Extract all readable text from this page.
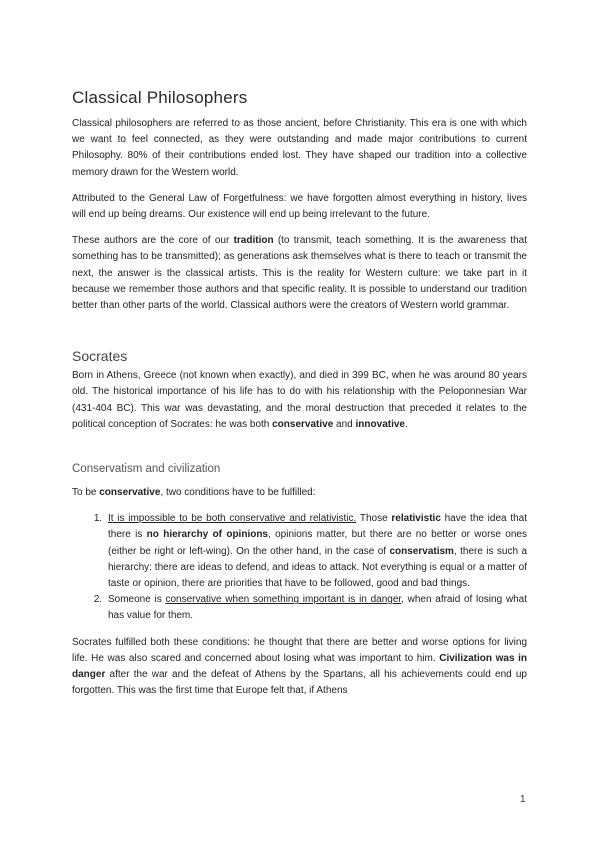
Classical Philosophers

Classical philosophers are referred to as those ancient, before Christianity. This era is one with which we want to feel connected, as they were outstanding and made major contributions to current Philosophy. 80% of their contributions ended lost. They have shaped our tradition into a collective memory drawn for the Western world.

Attributed to the General Law of Forgetfulness: we have forgotten almost everything in history, lives will end up being dreams. Our existence will end up being irrelevant to the future.

These authors are the core of our tradition (to transmit, teach something. It is the awareness that something has to be transmitted); as generations ask themselves what is there to teach or transmit the next, the answer is the classical artists. This is the reality for Western culture: we take part in it because we remember those authors and that specific reality. It is possible to understand our tradition better than other parts of the world. Classical authors were the creators of Western world grammar.

Socrates

Born in Athens, Greece (not known when exactly), and died in 399 BC, when he was around 80 years old. The historical importance of his life has to do with his relationship with the Peloponnesian War (431-404 BC). This war was devastating, and the moral destruction that preceded it relates to the political conception of Socrates: he was both conservative and innovative.

Conservatism and civilization

To be conservative, two conditions have to be fulfilled:

1. It is impossible to be both conservative and relativistic. Those relativistic have the idea that there is no hierarchy of opinions, opinions matter, but there are no better or worse ones (either be right or left-wing). On the other hand, in the case of conservatism, there is such a hierarchy: there are ideas to defend, and ideas to attack. Not everything is equal or a matter of taste or opinion, there are priorities that have to be followed, good and bad things.
2. Someone is conservative when something important is in danger, when afraid of losing what has value for them.

Socrates fulfilled both these conditions: he thought that there are better and worse options for living life. He was also scared and concerned about losing what was important to him. Civilization was in danger after the war and the defeat of Athens by the Spartans, all his achievements could end up forgotten. This was the first time that Europe felt that, if Athens

1
